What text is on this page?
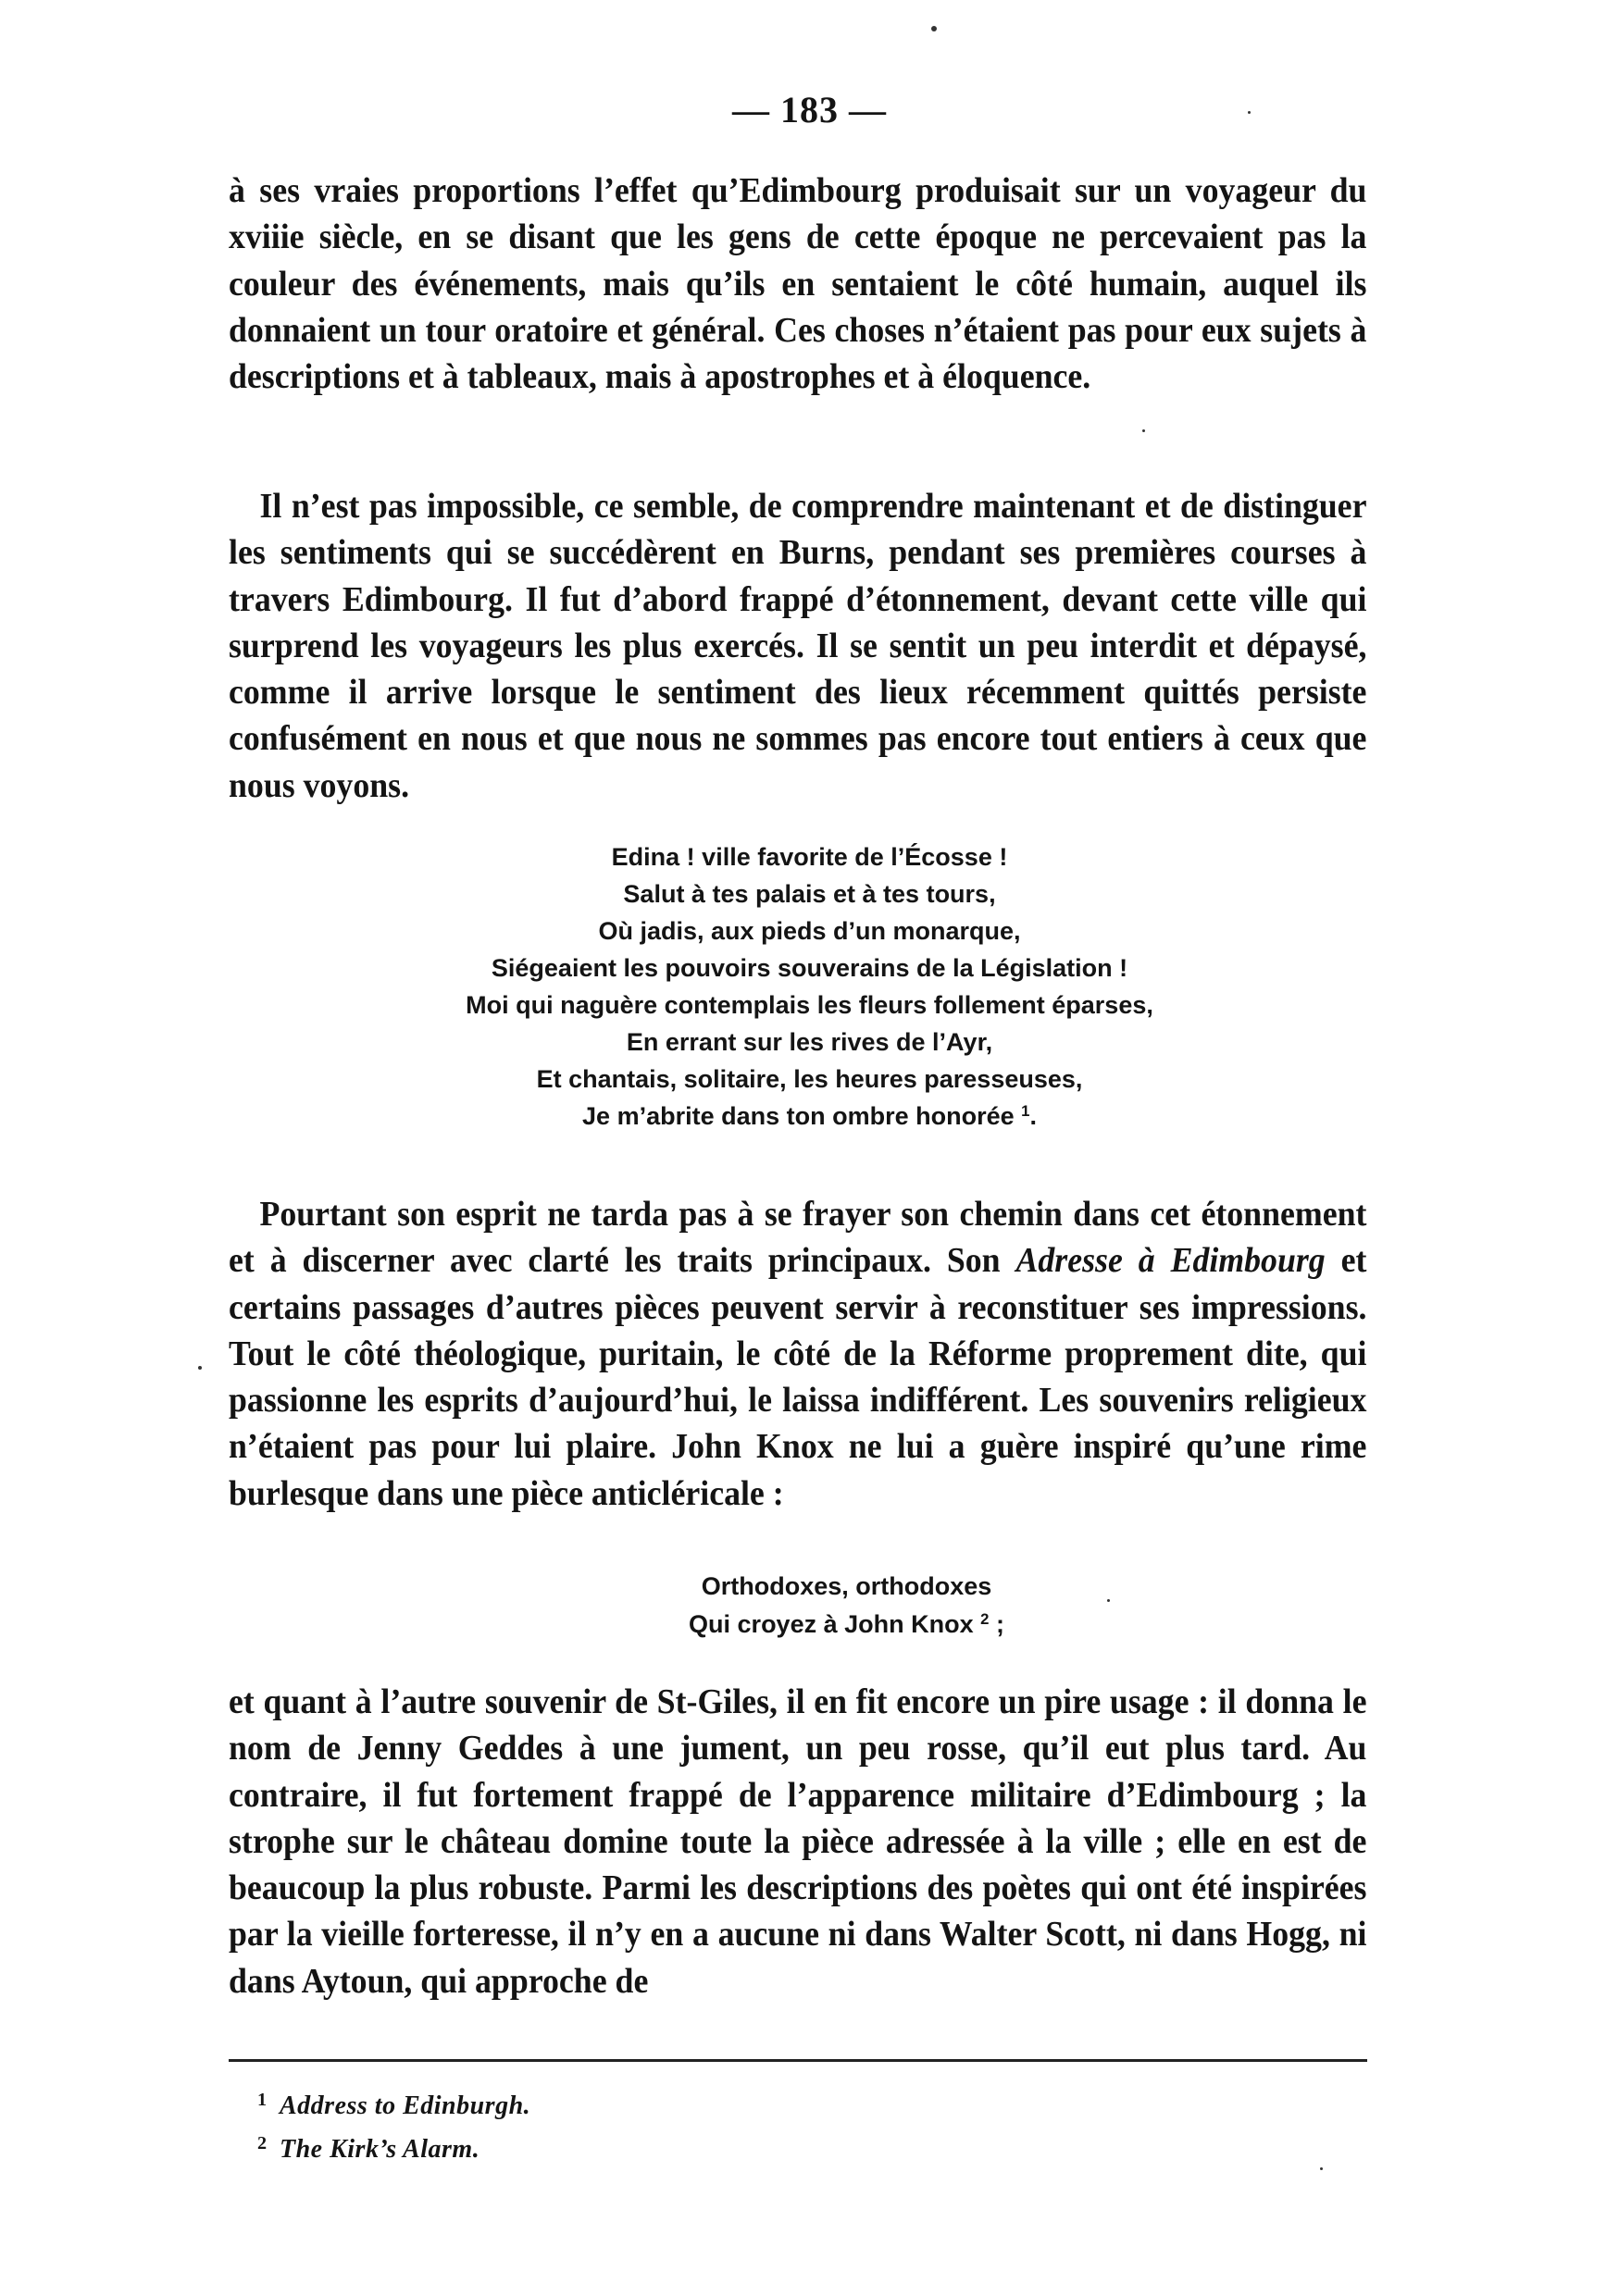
— 183 —

à ses vraies proportions l’effet qu’Edimbourg produisait sur un voyageur du xviiie siècle, en se disant que les gens de cette époque ne percevaient pas la couleur des événements, mais qu’ils en sentaient le côté humain, auquel ils donnaient un tour oratoire et général. Ces choses n’étaient pas pour eux sujets à descriptions et à tableaux, mais à apostrophes et à éloquence.

Il n’est pas impossible, ce semble, de comprendre maintenant et de distinguer les sentiments qui se succédèrent en Burns, pendant ses premières courses à travers Edimbourg. Il fut d’abord frappé d’étonnement, devant cette ville qui surprend les voyageurs les plus exercés. Il se sentit un peu interdit et dépaysé, comme il arrive lorsque le sentiment des lieux récemment quittés persiste confusément en nous et que nous ne sommes pas encore tout entiers à ceux que nous voyons.

Edina ! ville favorite de l’Écosse !
Salut à tes palais et à tes tours,
Où jadis, aux pieds d’un monarque,
Siégeaient les pouvoirs souverains de la Législation !
Moi qui naguère contemplais les fleurs follement éparses,
En errant sur les rives de l’Ayr,
Et chantais, solitaire, les heures paresseuses,
Je m’abrite dans ton ombre honorée $^1$.

Pourtant son esprit ne tarda pas à se frayer son chemin dans cet étonnement et à discerner avec clarté les traits principaux. Son Adresse à Edimbourg et certains passages d’autres pièces peuvent servir à reconstituer ses impressions. Tout le côté théologique, puritain, le côté de la Réforme proprement dite, qui passionne les esprits d’aujourd’hui, le laissa indifférent. Les souvenirs religieux n’étaient pas pour lui plaire. John Knox ne lui a guère inspiré qu’une rime burlesque dans une pièce anticléricale :

Orthodoxes, orthodoxes
Qui croyez à John Knox $^2$ ;

et quant à l’autre souvenir de St-Giles, il en fit encore un pire usage : il donna le nom de Jenny Geddes à une jument, un peu rosse, qu’il eut plus tard. Au contraire, il fut fortement frappé de l’apparence militaire d’Edimbourg ; la strophe sur le château domine toute la pièce adressée à la ville ; elle en est de beaucoup la plus robuste. Parmi les descriptions des poètes qui ont été inspirées par la vieille forteresse, il n’y en a aucune ni dans Walter Scott, ni dans Hogg, ni dans Aytoun, qui approche de

1 Address to Edinburgh.
2 The Kirk’s Alarm.
